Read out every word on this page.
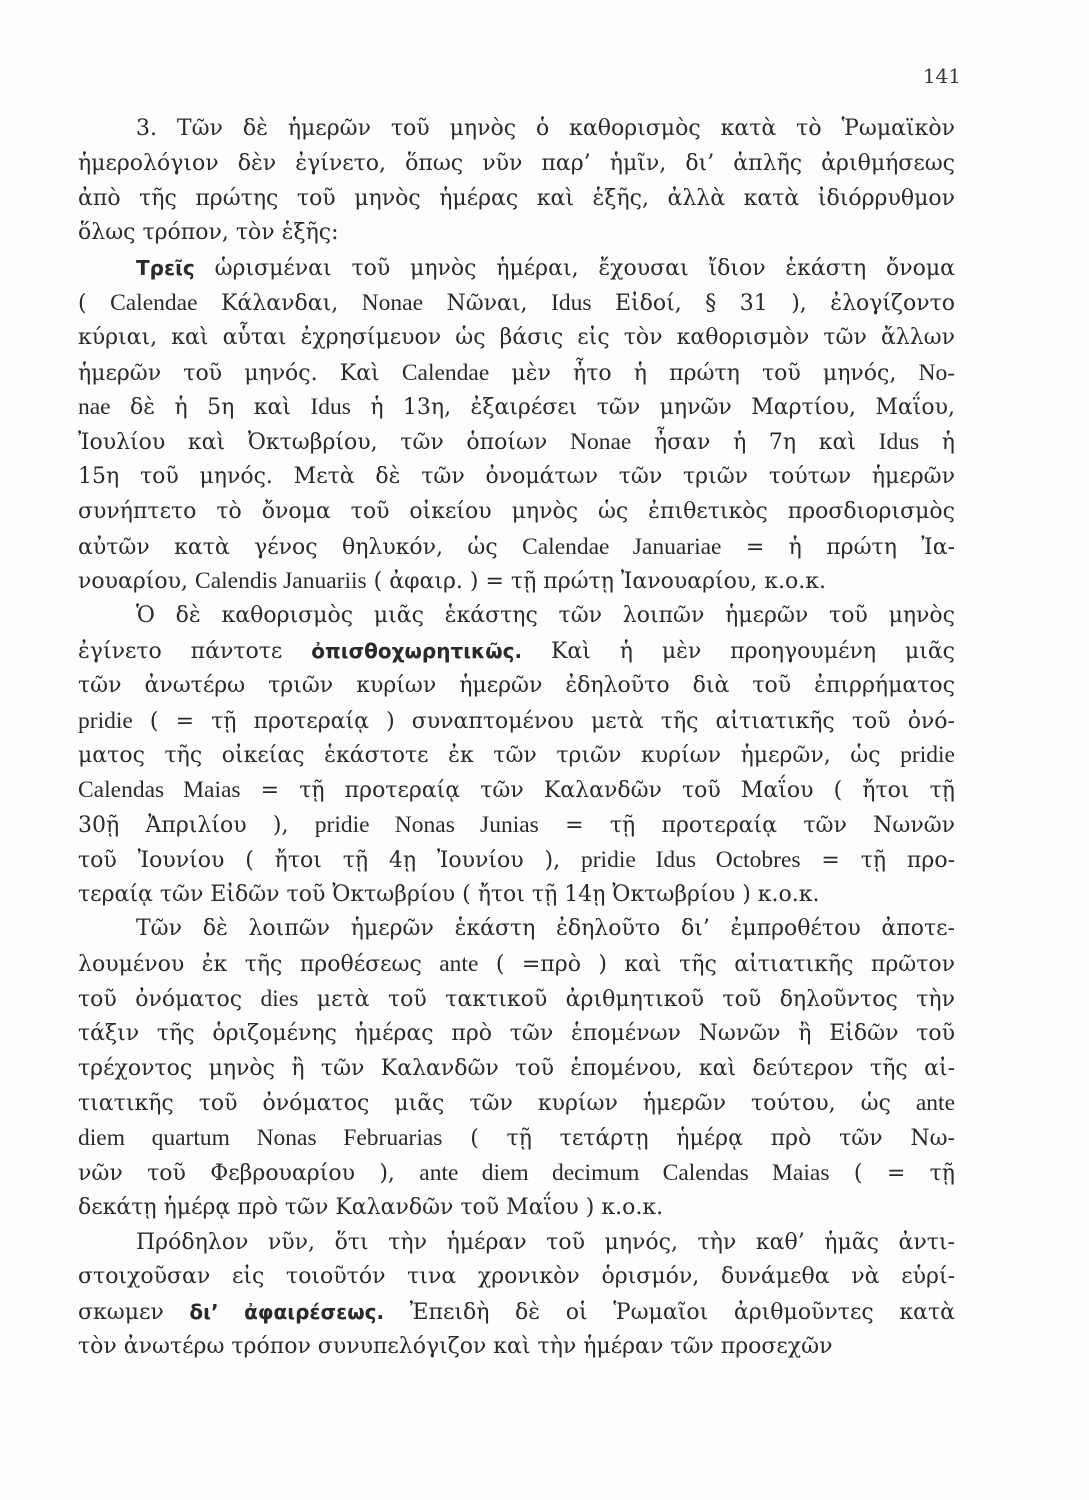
141
3. Τῶν δὲ ἡμερῶν τοῦ μηνὸς ὁ καθορισμὸς κατὰ τὸ Ῥωμαϊκὸν
ἡμερολόγιον δὲν ἐγίνετο, ὅπως νῦν παρ’ ἡμῖν, δι’ ἁπλῆς ἀριθμήσεως
ἀπὸ τῆς πρώτης τοῦ μηνὸς ἡμέρας καὶ ἑξῆς, ἀλλὰ κατὰ ἰδιόρρυθμον
ὅλως τρόπον, τὸν ἑξῆς:
Τρεῖς ὡρισμέναι τοῦ μηνὸς ἡμέραι, ἔχουσαι ἴδιον ἑκάστη ὄνομα
( Calendae Κάλανδαι, Nonae Νῶναι, Idus Εἰδοί, § 31 ), ἐλογίζοντο
κύριαι, καὶ αὗται ἐχρησίμευον ὡς βάσις εἰς τὸν καθορισμὸν τῶν ἄλλων
ἡμερῶν τοῦ μηνός. Καὶ Calendae μὲν ἦτο ἡ πρώτη τοῦ μηνός, No-
nae δὲ ἡ 5η καὶ Idus ἡ 13η, ἐξαιρέσει τῶν μηνῶν Μαρτίου, Μαΐου,
Ἰουλίου καὶ Ὀκτωβρίου, τῶν ὁποίων Nonae ἦσαν ἡ 7η καὶ Idus ἡ
15η τοῦ μηνός. Μετὰ δὲ τῶν ὀνομάτων τῶν τριῶν τούτων ἡμερῶν
συνήπτετο τὸ ὄνομα τοῦ οἰκείου μηνὸς ὡς ἐπιθετικὸς προσδιορισμὸς
αὐτῶν κατὰ γένος θηλυκόν, ὡς Calendae Januariae = ἡ πρώτη Ἰα-
νουαρίου, Calendis Januariis ( ἀφαιρ. ) = τῇ πρώτῃ Ἰανουαρίου, κ.ο.κ.
Ὁ δὲ καθορισμὸς μιᾶς ἑκάστης τῶν λοιπῶν ἡμερῶν τοῦ μηνὸς
ἐγίνετο πάντοτε ὀπισθοχωρητικῶς. Καὶ ἡ μὲν προηγουμένη μιᾶς
τῶν ἀνωτέρω τριῶν κυρίων ἡμερῶν ἐδηλοῦτο διὰ τοῦ ἐπιρρήματος
pridie ( = τῇ προτεραίᾳ ) συναπτομένου μετὰ τῆς αἰτιατικῆς τοῦ ὀνό-
ματος τῆς οἰκείας ἑκάστοτε ἐκ τῶν τριῶν κυρίων ἡμερῶν, ὡς pridie
Calendas Maias = τῇ προτεραίᾳ τῶν Καλανδῶν τοῦ Μαΐου ( ἤτοι τῇ
30ῇ Ἀπριλίου ), pridie Nonas Junias = τῇ προτεραίᾳ τῶν Νωνῶν
τοῦ Ἰουνίου ( ἤτοι τῇ 4ῃ Ἰουνίου ), pridie Idus Octobres = τῇ προ-
τεραίᾳ τῶν Εἰδῶν τοῦ Ὀκτωβρίου ( ἤτοι τῇ 14ῃ Ὀκτωβρίου ) κ.ο.κ.
Τῶν δὲ λοιπῶν ἡμερῶν ἑκάστη ἐδηλοῦτο δι’ ἐμπροθέτου ἀποτε-
λουμένου ἐκ τῆς προθέσεως ante ( =πρὸ ) καὶ τῆς αἰτιατικῆς πρῶτον
τοῦ ὀνόματος dies μετὰ τοῦ τακτικοῦ ἀριθμητικοῦ τοῦ δηλοῦντος τὴν
τάξιν τῆς ὁριζομένης ἡμέρας πρὸ τῶν ἑπομένων Νωνῶν ἢ Εἰδῶν τοῦ
τρέχοντος μηνὸς ἢ τῶν Καλανδῶν τοῦ ἑπομένου, καὶ δεύτερον τῆς αἰ-
τιατικῆς τοῦ ὀνόματος μιᾶς τῶν κυρίων ἡμερῶν τούτου, ὡς ante
diem quartum Nonas Februarias ( τῇ τετάρτῃ ἡμέρᾳ πρὸ τῶν Νω-
νῶν τοῦ Φεβρουαρίου ), ante diem decimum Calendas Maias ( = τῇ
δεκάτῃ ἡμέρᾳ πρὸ τῶν Καλανδῶν τοῦ Μαΐου ) κ.ο.κ.
Πρόδηλον νῦν, ὅτι τὴν ἡμέραν τοῦ μηνός, τὴν καθ’ ἡμᾶς ἀντι-
στοιχοῦσαν εἰς τοιοῦτόν τινα χρονικὸν ὁρισμόν, δυνάμεθα νὰ εὑρί-
σκωμεν δι’ ἀφαιρέσεως. Ἐπειδὴ δὲ οἱ Ῥωμαῖοι ἀριθμοῦντες κατὰ
τὸν ἀνωτέρω τρόπον συνυπελόγιζον καὶ τὴν ἡμέραν τῶν προσεχῶν
